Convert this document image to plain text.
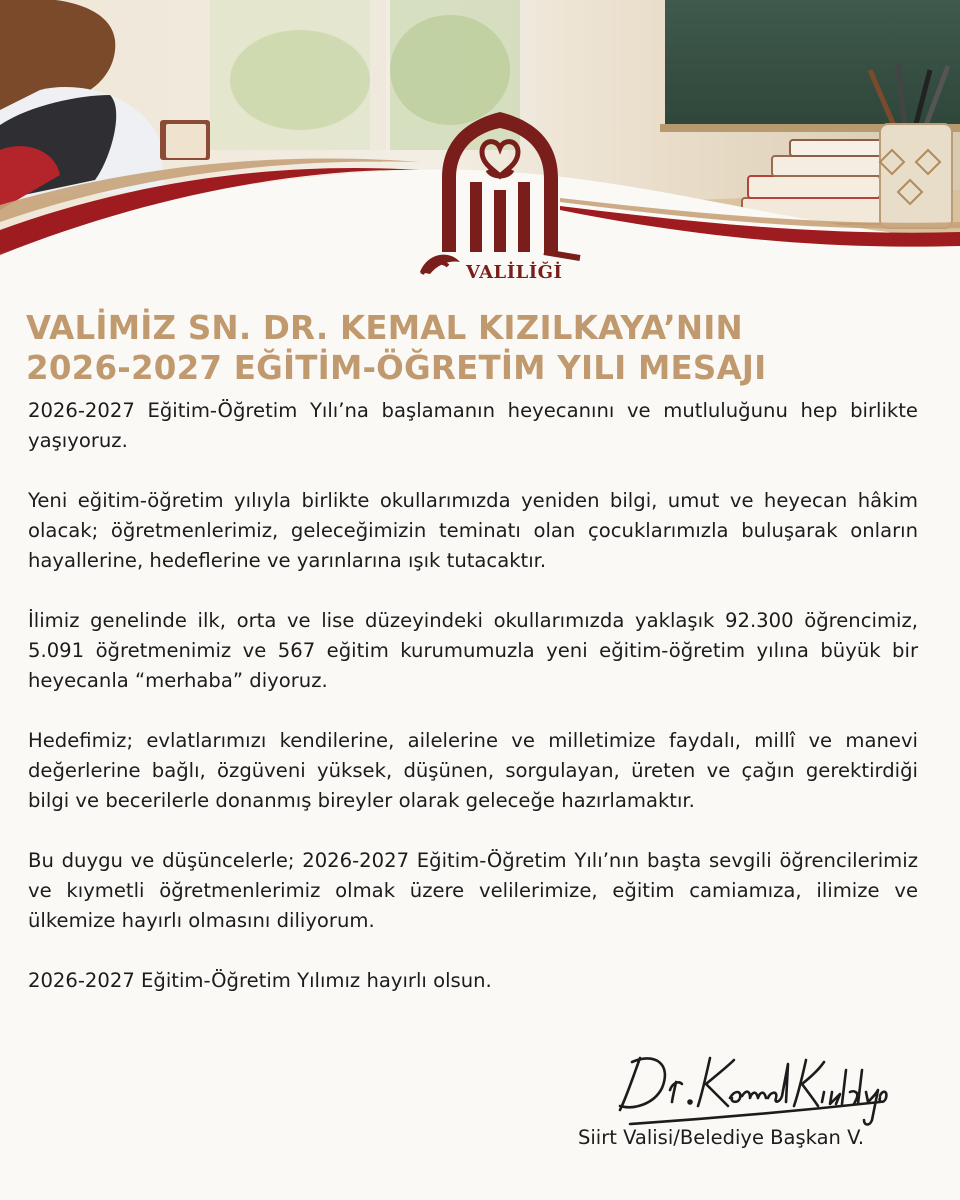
VALİLİĞİ
VALİMİZ SN. DR. KEMAL KIZILKAYA’NIN
2026-2027 EĞİTİM-ÖĞRETİM YILI MESAJI

2026-2027 Eğitim-Öğretim Yılı’na başlamanın heyecanını ve mutluluğunu hep birlikte yaşıyoruz.

Yeni eğitim-öğretim yılıyla birlikte okullarımızda yeniden bilgi, umut ve heyecan hâkim olacak; öğretmenlerimiz, geleceğimizin teminatı olan çocuklarımızla buluşarak onların hayallerine, hedeflerine ve yarınlarına ışık tutacaktır.

İlimiz genelinde ilk, orta ve lise düzeyindeki okullarımızda yaklaşık 92.300 öğrencimiz, 5.091 öğretmenimiz ve 567 eğitim kurumumuzla yeni eğitim-öğretim yılına büyük bir heyecanla “merhaba” diyoruz.

Hedefimiz; evlatlarımızı kendilerine, ailelerine ve milletimize faydalı, millî ve manevi değerlerine bağlı, özgüveni yüksek, düşünen, sorgulayan, üreten ve çağın gerektirdiği bilgi ve becerilerle donanmış bireyler olarak geleceğe hazırlamaktır.

Bu duygu ve düşüncelerle; 2026-2027 Eğitim-Öğretim Yılı’nın başta sevgili öğrencilerimiz ve kıymetli öğretmenlerimiz olmak üzere velilerimize, eğitim camiamıza, ilimize ve ülkemize hayırlı olmasını diliyorum.

2026-2027 Eğitim-Öğretim Yılımız hayırlı olsun.

Siirt Valisi/Belediye Başkan V.
